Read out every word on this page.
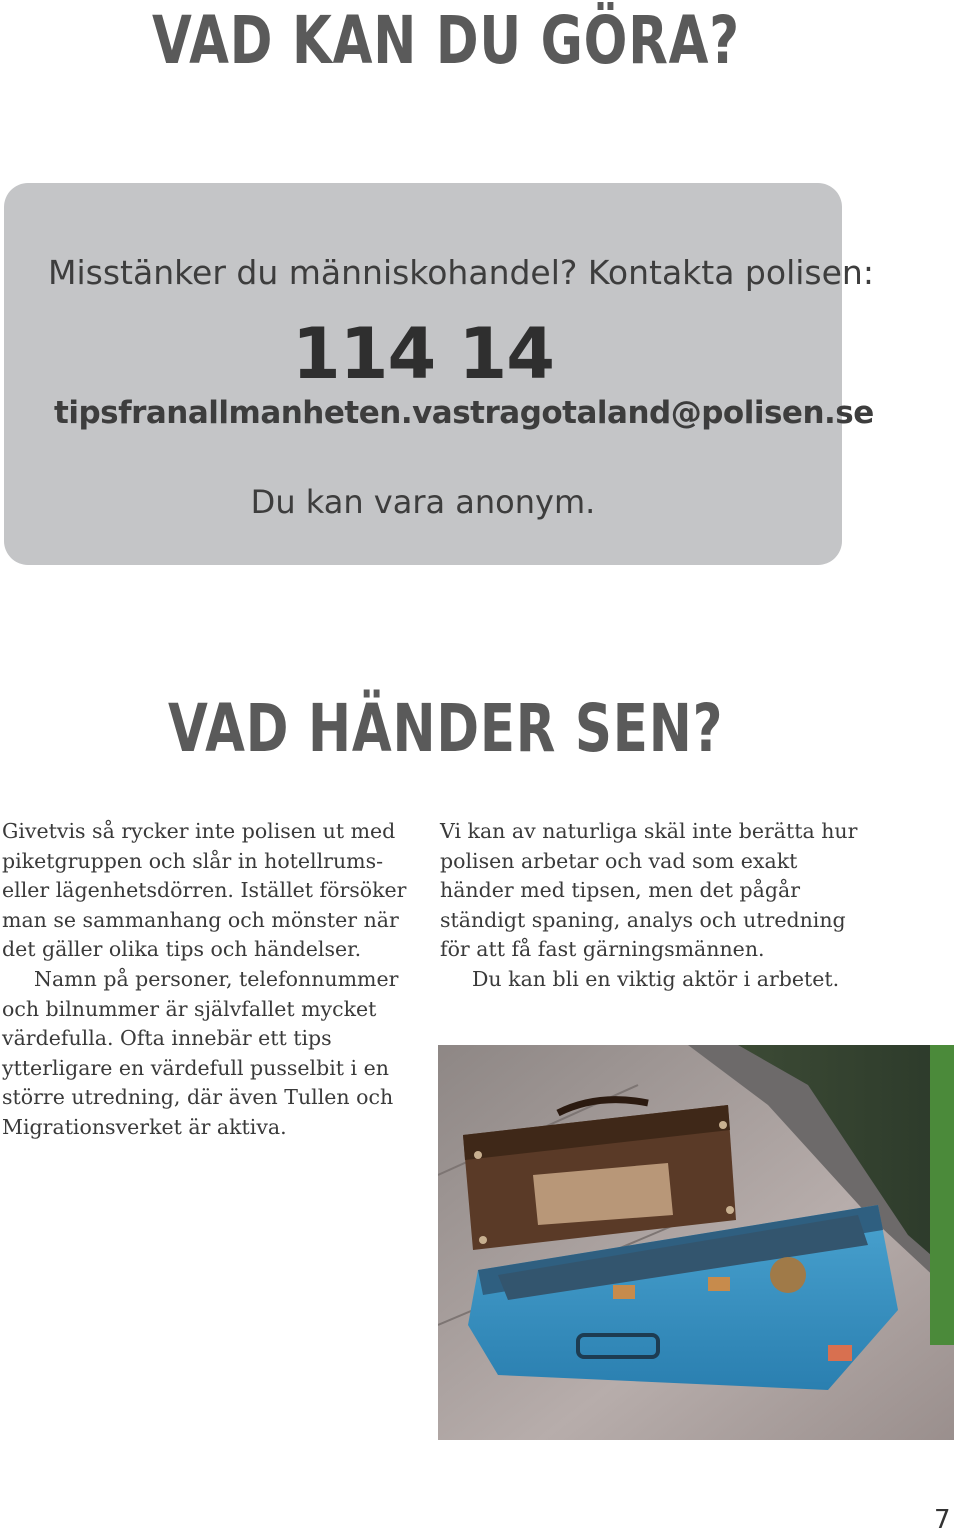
VAD KAN DU GÖRA?
Misstänker du människohandel? Kontakta polisen:
114 14
tipsfranallmanheten.vastragotaland@polisen.se
Du kan vara anonym.
VAD HÄNDER SEN?

Givetvis så rycker inte polisen ut med piketgruppen och slår in hotellrums- eller lägenhetsdörren. Istället försöker man se sammanhang och mönster när det gäller olika tips och händelser.

Namn på personer, telefonnummer och bilnummer är självfallet mycket värdefulla. Ofta innebär ett tips ytterligare en värdefull pusselbit i en större utredning, där även Tullen och Migrationsverket är aktiva.

Vi kan av naturliga skäl inte berätta hur polisen arbetar och vad som exakt händer med tipsen, men det pågår ständigt spaning, analys och utredning för att få fast gärningsmännen.

Du kan bli en viktig aktör i arbetet.

7
